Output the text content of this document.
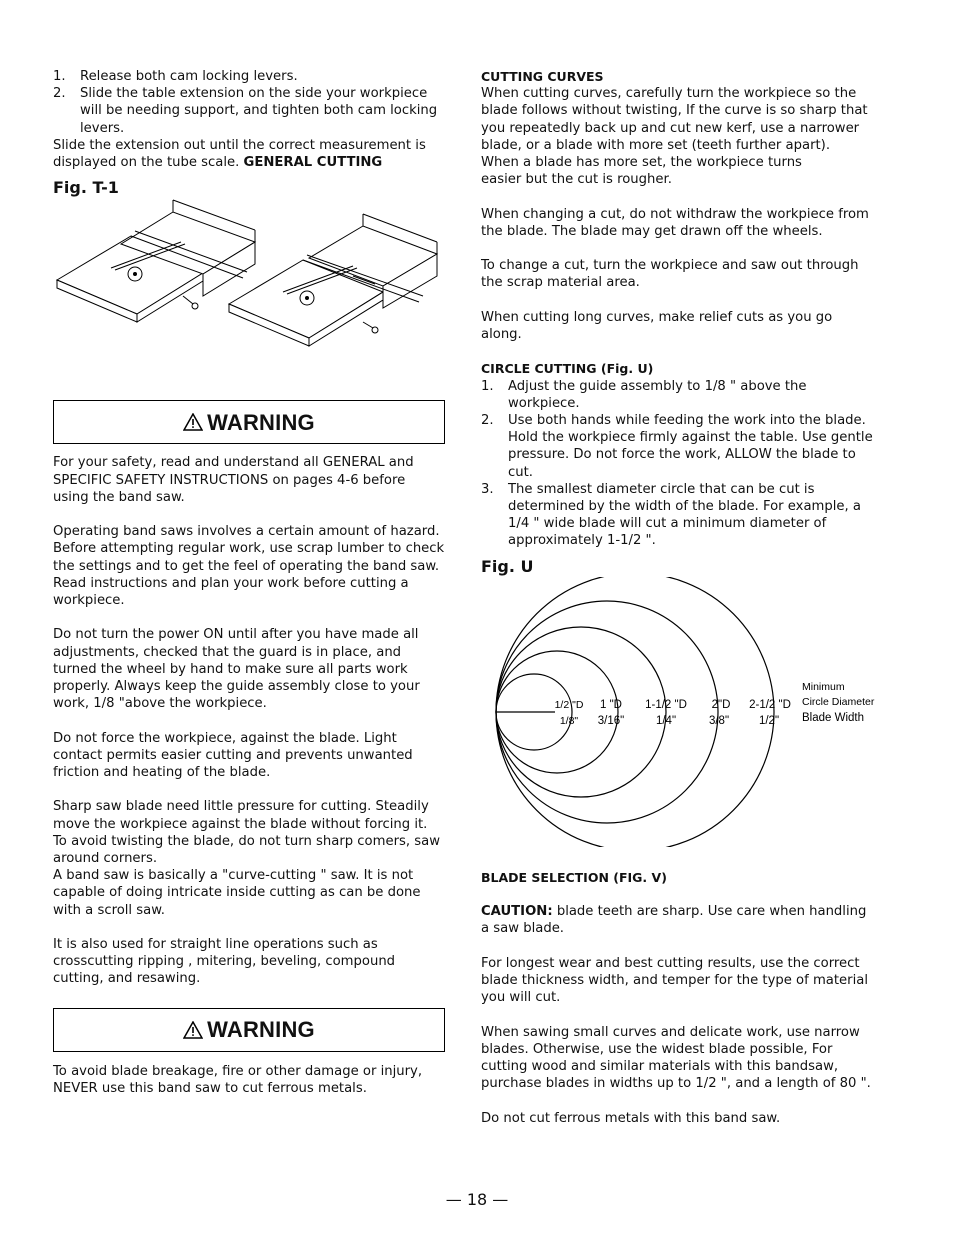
1. Release both cam locking levers.
2. Slide the table extension on the side your workpiece will be needing support, and tighten both cam locking levers.

Slide the extension out until the correct measurement is displayed on the tube scale. GENERAL CUTTING

Fig. T-1

WARNING

For your safety, read and understand all GENERAL and SPECIFIC SAFETY INSTRUCTIONS on pages 4-6 before using the band saw.

Operating band saws involves a certain amount of hazard. Before attempting regular work, use scrap lumber to check the settings and to get the feel of operating the band saw. Read instructions and plan your work before cutting a workpiece.

Do not turn the power ON until after you have made all adjustments, checked that the guard is in place, and turned the wheel by hand to make sure all parts work properly. Always keep the guide assembly close to your work, 1/8 "above the workpiece.

Do not force the workpiece, against the blade. Light contact permits easier cutting and prevents unwanted friction and heating of the blade.

Sharp saw blade need little pressure for cutting. Steadily move the workpiece against the blade without forcing it. To avoid twisting the blade, do not turn sharp comers, saw around corners.

A band saw is basically a "curve-cutting " saw. It is not capable of doing intricate inside cutting as can be done with a scroll saw.

It is also used for straight line operations such as crosscutting ripping , mitering, beveling, compound cutting, and resawing.

WARNING

To avoid blade breakage, fire or other damage or injury, NEVER use this band saw to cut ferrous metals.

CUTTING CURVES

When cutting curves, carefully turn the workpiece so the blade follows without twisting, If the curve is so sharp that you repeatedly back up and cut new kerf, use a narrower blade, or a blade with more set (teeth further apart).

When a blade has more set, the workpiece turns easier but the cut is rougher.

When changing a cut, do not withdraw the workpiece from the blade. The blade may get drawn off the wheels.

To change a cut, turn the workpiece and saw out through the scrap material area.

When cutting long curves, make relief cuts as you go along.

CIRCLE CUTTING (Fig. U)

1. Adjust the guide assembly to 1/8 " above the workpiece.
2. Use both hands while feeding the work into the blade. Hold the workpiece firmly against the table. Use gentle pressure. Do not force the work, ALLOW the blade to cut.
3. The smallest diameter circle that can be cut is determined by the width of the blade. For example, a 1/4 " wide blade will cut a minimum diameter of approximately 1-1/2 ".

Fig. U

1/2 "D
1/8"
1 "D
3/16"
1-1/2 "D
1/4"
2"D
3/8"
2-1/2 "D
1/2"
Minimum
Circle Diameter
Blade Width

BLADE SELECTION (FIG. V)

CAUTION: blade teeth are sharp. Use care when handling a saw blade.

For longest wear and best cutting results, use the correct blade thickness width, and temper for the type of material you will cut.

When sawing small curves and delicate work, use narrow blades. Otherwise, use the widest blade possible, For cutting wood and similar materials with this bandsaw, purchase blades in widths up to 1/2 ", and a length of 80 ".

Do not cut ferrous metals with this band saw.

— 18 —
